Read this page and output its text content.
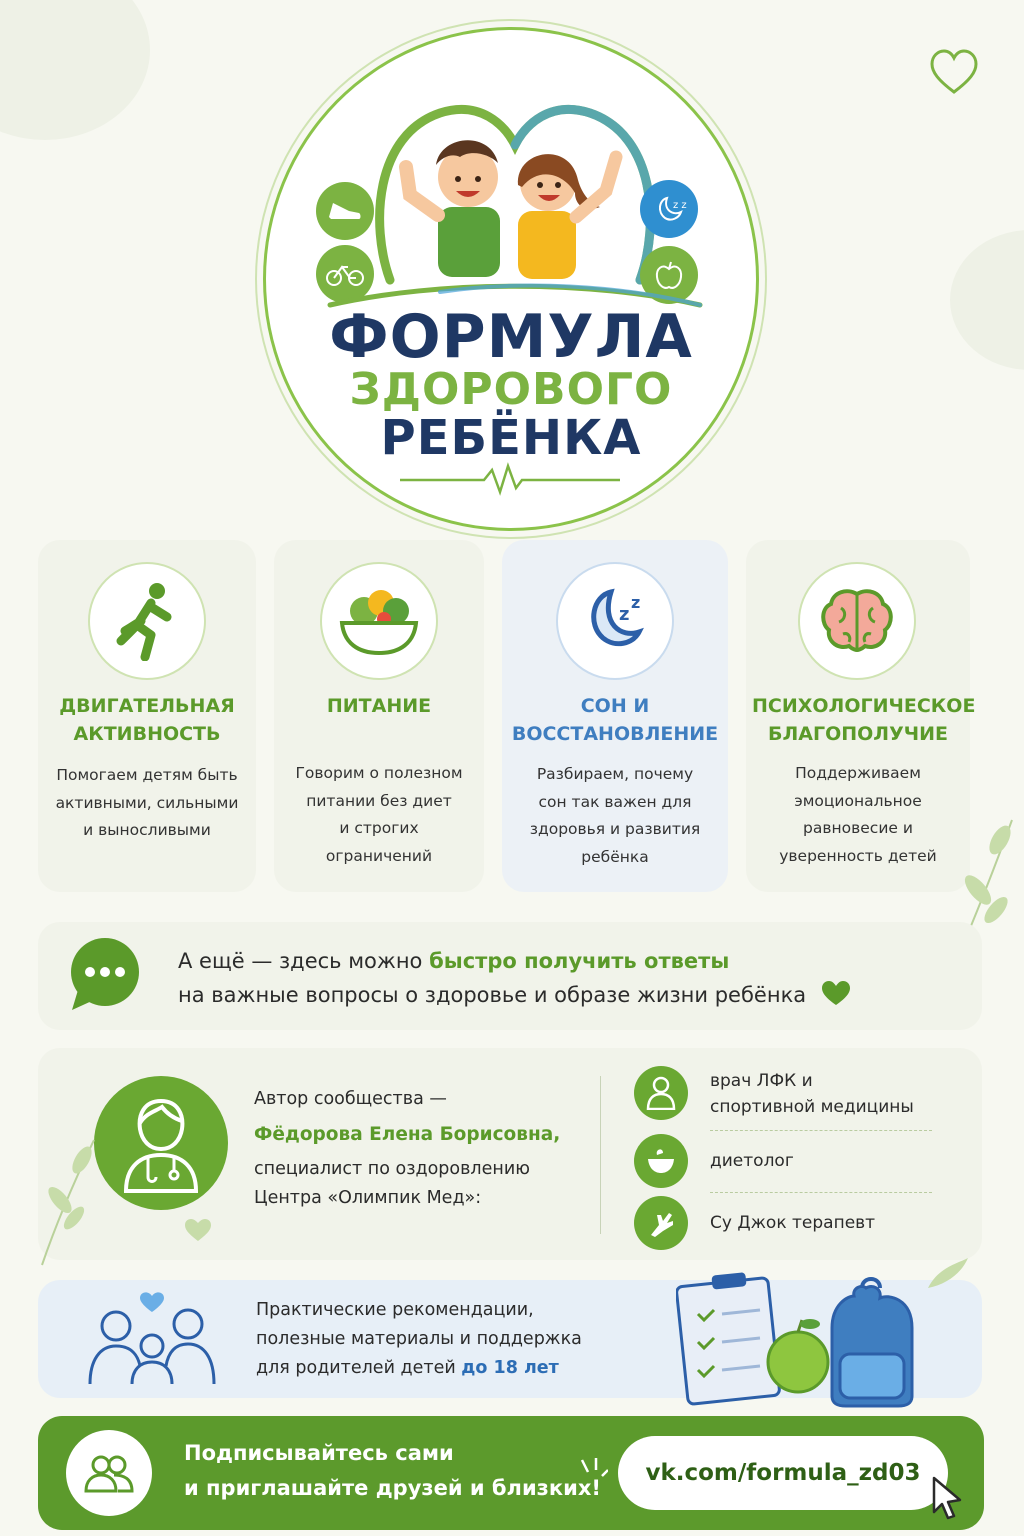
z z
ФОРМУЛА
ЗДОРОВОГО
РЕБЁНКА
ДВИГАТЕЛЬНАЯ
АКТИВНОСТЬ
Помогаем детям быть
активными, сильными
и выносливыми
ПИТАНИЕ
Говорим о полезном
питании без диет
и строгих
ограничений
z
z
СОН И
ВОССТАНОВЛЕНИЕ
Разбираем, почему
сон так важен для
здоровья и развития
ребёнка
ПСИХОЛОГИЧЕСКОЕ
БЛАГОПОЛУЧИЕ
Поддерживаем
эмоциональное
равновесие и
уверенность детей
А ещё — здесь можно быстро получить ответы
на важные вопросы о здоровье и образе жизни ребёнка
Автор сообщества —
Фёдорова Елена Борисовна,
специалист по оздоровлению
Центра «Олимпик Мед»:
врач ЛФК и
спортивной медицины
диетолог
Су Джок терапевт
Практические рекомендации,
полезные материалы и поддержка
для родителей детей до 18 лет
Подписывайтесь сами
и приглашайте друзей и близких!
vk.com/formula_zd03
